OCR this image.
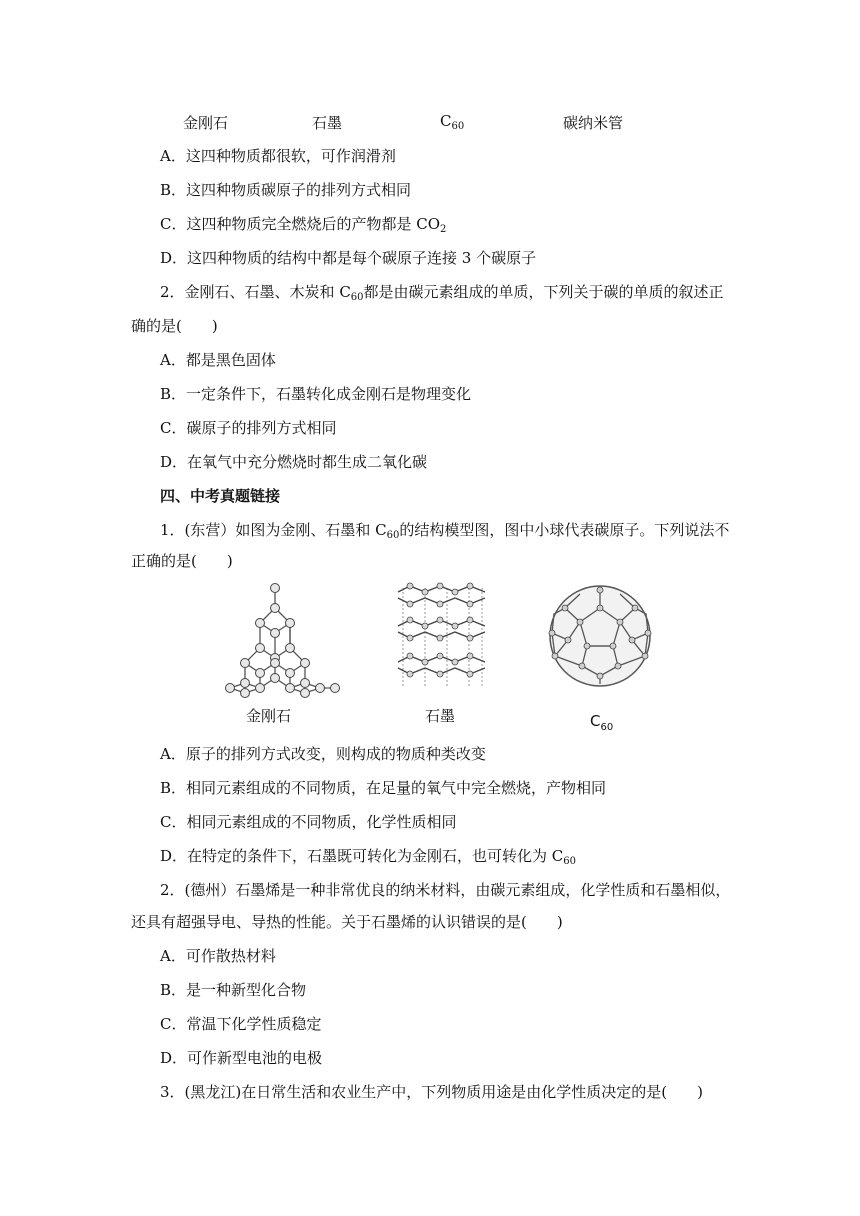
金刚石	石墨	$C_{60}$	碳纳米管
A．这四种物质都很软，可作润滑剂
B．这四种物质碳原子的排列方式相同
C．这四种物质完全燃烧后的产物都是 $CO_2$
D．这四种物质的结构中都是每个碳原子连接 3 个碳原子
2．金刚石、石墨、木炭和 $C_{60}$都是由碳元素组成的单质，下列关于碳的单质的叙述正
确的是(　　)
A．都是黑色固体
B．一定条件下，石墨转化成金刚石是物理变化
C．碳原子的排列方式相同
D．在氧气中充分燃烧时都生成二氧化碳
四、中考真题链接
1．(东营）如图为金刚、石墨和 $C_{60}$的结构模型图，图中小球代表碳原子。下列说法不
正确的是(　　)
金刚石	石墨	$C_{60}$
A．原子的排列方式改变，则构成的物质种类改变
B．相同元素组成的不同物质，在足量的氧气中完全燃烧，产物相同
C．相同元素组成的不同物质，化学性质相同
D．在特定的条件下，石墨既可转化为金刚石，也可转化为 $C_{60}$
2．(德州）石墨烯是一种非常优良的纳米材料，由碳元素组成，化学性质和石墨相似，
还具有超强导电、导热的性能。关于石墨烯的认识错误的是(　　)
A．可作散热材料
B．是一种新型化合物
C．常温下化学性质稳定
D．可作新型电池的电极
3．(黑龙江)在日常生活和农业生产中，下列物质用途是由化学性质决定的是(　　)
